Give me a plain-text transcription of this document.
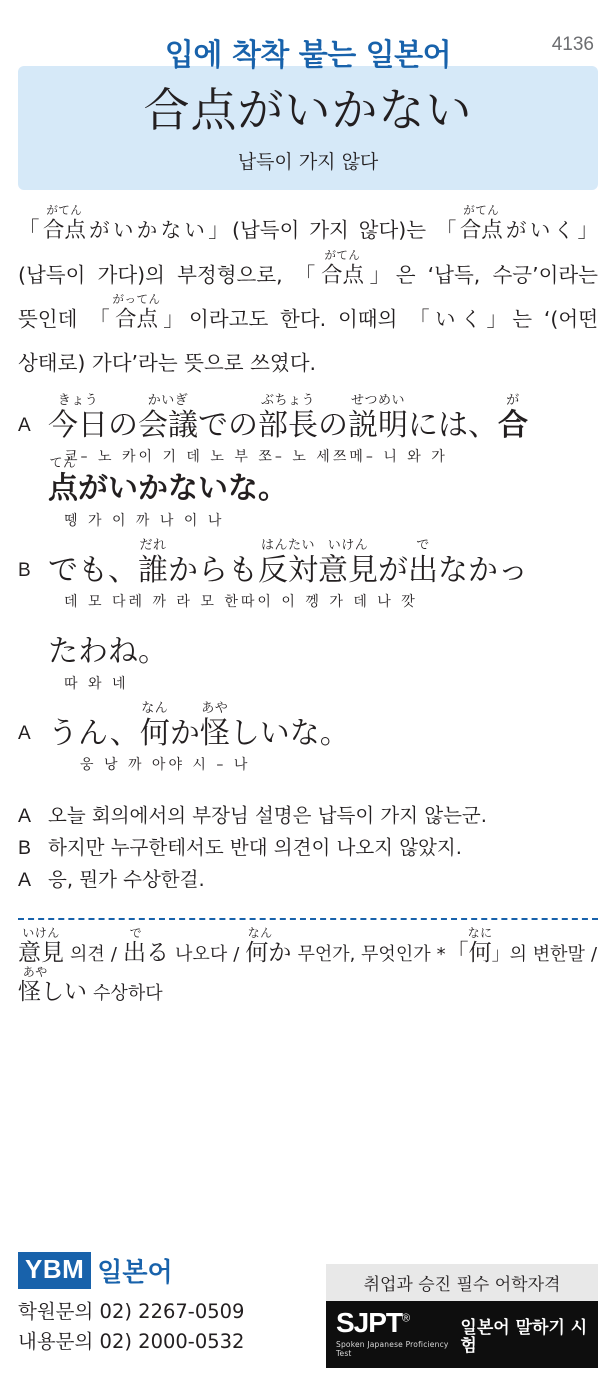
입에 착착 붙는 일본어	4136
合点がいかない
납득이 가지 않다
「
がてん
合点 がいかない」(납득이 가지 않다)는 「
がてん
合点 がいく」(납득이 가다)의 부정형으로, 「
がてん
合点 」은 ‘납득, 수긍’이라는 뜻인데 「
がってん
合点 」이라고도 한다. 이때의 「いく」는 ‘(어떤 상태로) 가다’라는 뜻으로 쓰였다.
A
きょう
今日 の
かいぎ
会議 での
ぶちょう
部長 の
せつめい
説明 には、
が
合
쿄– 노 카이 기 데 노 부 쪼– 노 세쯔메– 니 와 가
てん
点 がいかないな。
뗑 가 이 까 나 이 나
B でも、
だれ
誰 からも
はんたい
反対
いけん
意見 が
で
出 なかっ
데 모 다레 까 라 모 한따이 이 껭 가 데 나 깟
たわね。
따 와 네
A うん、
なん
何 か
あや
怪 しいな。
웅 낭 까 아야 시 – 나
A 오늘 회의에서의 부장님 설명은 납득이 가지 않는군.
B 하지만 누구한테서도 반대 의견이 나오지 않았지.
A 응, 뭔가 수상한걸.
いけん
意見 의견 /
で
出る 나오다 /
なん
何か 무언가, 무엇인가 *「
なに
何 」의 변한말 /
あや
怪しい 수상하다
YBM 일본어
학원문의 02) 2267-0509
내용문의 02) 2000-0532
취업과 승진 필수 어학자격
SJPT®
Spoken Japanese Proficiency Test
일본어 말하기 시험
